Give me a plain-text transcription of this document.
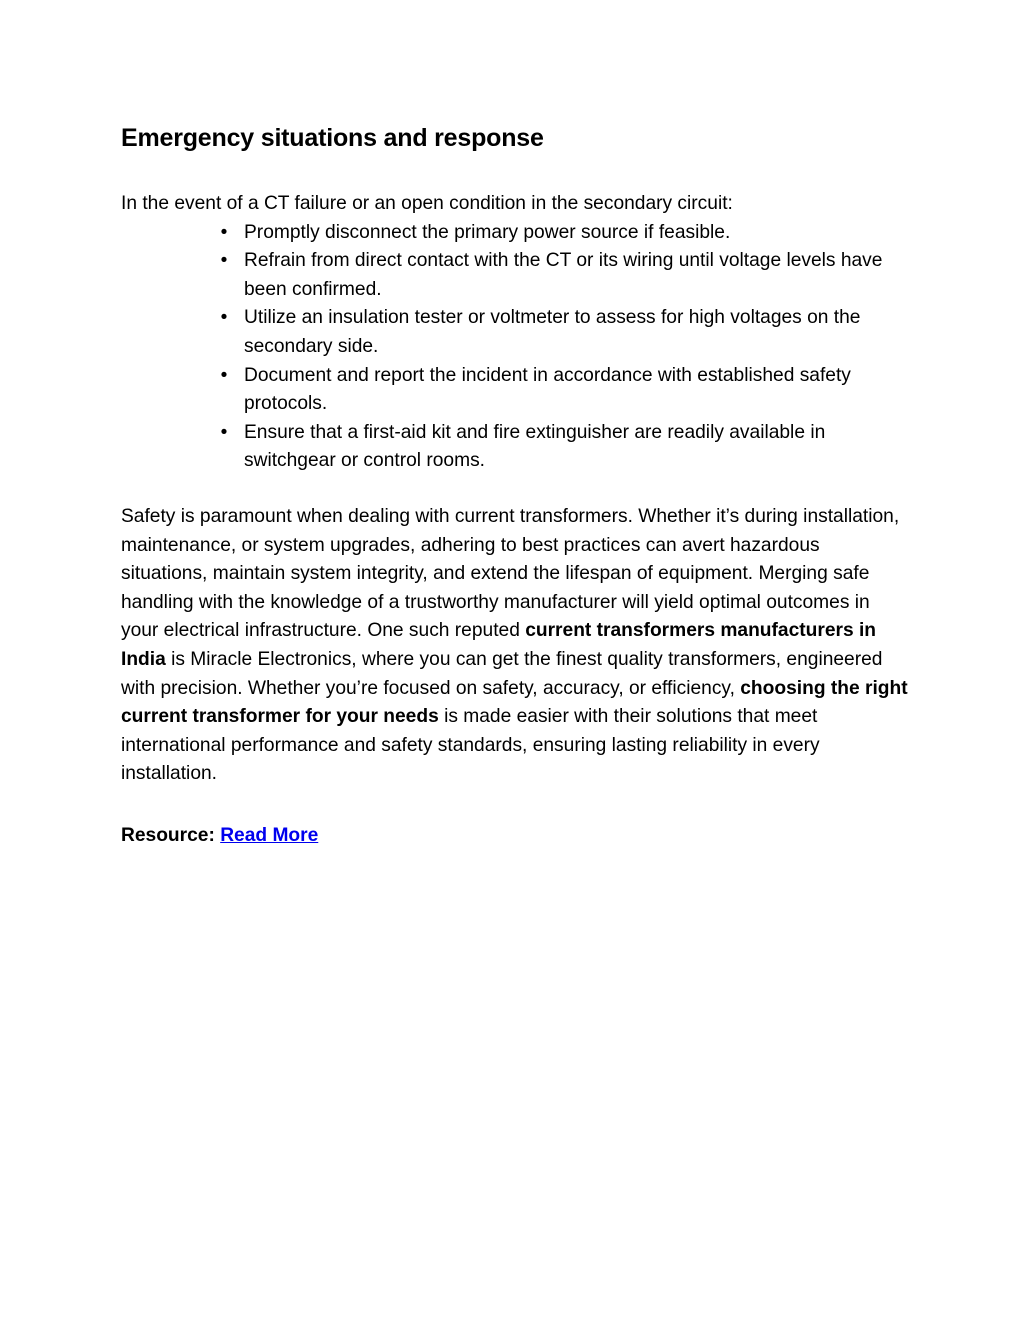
Emergency situations and response

In the event of a CT failure or an open condition in the secondary circuit:

• Promptly disconnect the primary power source if feasible.
• Refrain from direct contact with the CT or its wiring until voltage levels have been confirmed.
• Utilize an insulation tester or voltmeter to assess for high voltages on the secondary side.
• Document and report the incident in accordance with established safety protocols.
• Ensure that a first-aid kit and fire extinguisher are readily available in switchgear or control rooms.

Safety is paramount when dealing with current transformers. Whether it’s during installation, maintenance, or system upgrades, adhering to best practices can avert hazardous situations, maintain system integrity, and extend the lifespan of equipment. Merging safe handling with the knowledge of a trustworthy manufacturer will yield optimal outcomes in your electrical infrastructure. One such reputed current transformers manufacturers in India is Miracle Electronics, where you can get the finest quality transformers, engineered with precision. Whether you’re focused on safety, accuracy, or efficiency, choosing the right current transformer for your needs is made easier with their solutions that meet international performance and safety standards, ensuring lasting reliability in every installation.

Resource: Read More
